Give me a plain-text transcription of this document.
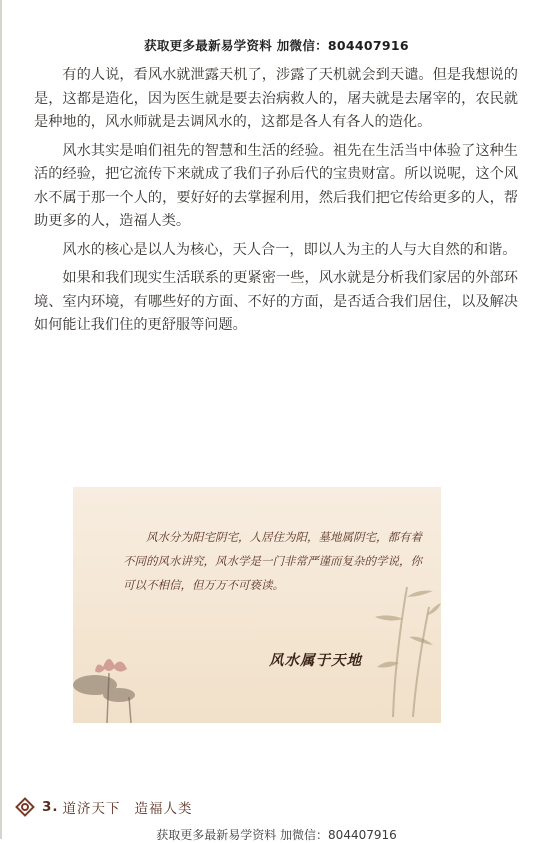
获取更多最新易学资料 加微信：804407916

有的人说，看风水就泄露天机了，涉露了天机就会到天谴。但是我想说的是，这都是造化，因为医生就是要去治病救人的，屠夫就是去屠宰的，农民就是种地的，风水师就是去调风水的，这都是各人有各人的造化。

风水其实是咱们祖先的智慧和生活的经验。祖先在生活当中体验了这种生活的经验，把它流传下来就成了我们子孙后代的宝贵财富。所以说呢，这个风水不属于那一个人的，要好好的去掌握利用，然后我们把它传给更多的人，帮助更多的人，造福人类。

风水的核心是以人为核心，天人合一，即以人为主的人与大自然的和谐。

如果和我们现实生活联系的更紧密一些，风水就是分析我们家居的外部环境、室内环境，有哪些好的方面、不好的方面，是否适合我们居住，以及解决如何能让我们住的更舒服等问题。

风水分为阳宅阴宅，人居住为阳，墓地属阴宅，都有着不同的风水讲究，风水学是一门非常严谨而复杂的学说，你可以不相信，但万万不可亵读。
风水属于天地
3. 道济天下 造福人类
获取更多最新易学资料 加微信：804407916
